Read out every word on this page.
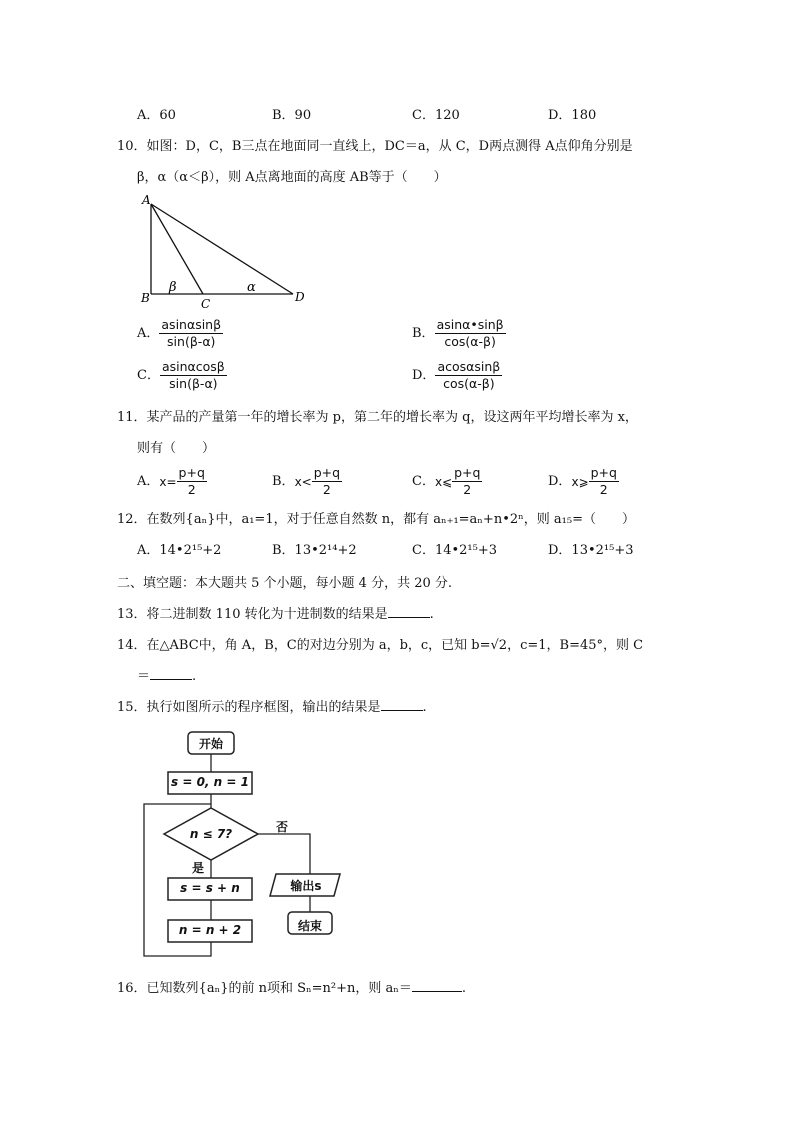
A．60	B．90	C．120	D．180
10．如图：D，C，B三点在地面同一直线上，DC＝a，从 C，D两点测得 A点仰角分别是
β，α（α＜β），则 A点离地面的高度 AB等于（　　）
A
B	C	D
β	α
A． $\frac{asin\alpha\sin\beta}{\sin(\beta-\alpha)}$	B． $\frac{asin\alpha•\sin\beta}{\cos(\alpha-\beta)}$
C． $\frac{asin\alpha\cos\beta}{\sin(\beta-\alpha)}$	D． $\frac{acos\alpha\sin\beta}{\cos(\alpha-\beta)}$
11．某产品的产量第一年的增长率为 p，第二年的增长率为 q，设这两年平均增长率为 x，
则有（　　）
A．$x= \frac{p+q}{2}$	B．$x< \frac{p+q}{2}$	C．x⩽ $\frac{p+q}{2}$	D．x⩾ $\frac{p+q}{2}$
12．在数列{aₙ}中，a₁=1，对于任意自然数 n，都有 aₙ₊₁=aₙ+n•2ⁿ，则 a₁₅=（　　）
A．14•2¹⁵+2	B．13•2¹⁴+2	C．14•2¹⁵+3	D．13•2¹⁵+3
二、填空题：本大题共 5 个小题，每小题 4 分，共 20 分.
13．将二进制数 110 转化为十进制数的结果是	.
14．在△ABC中，角 A，B，C的对边分别为 a，b，c，已知 b=√2，c=1，B=45°，则 C
＝	.
15．执行如图所示的程序框图，输出的结果是	.
开始
s = 0, n = 1
n ≤ 7?
是
否
s = s + n
n = n + 2
输出s
结束
16．已知数列{aₙ}的前 n项和 Sₙ=n²+n，则 aₙ＝	.
